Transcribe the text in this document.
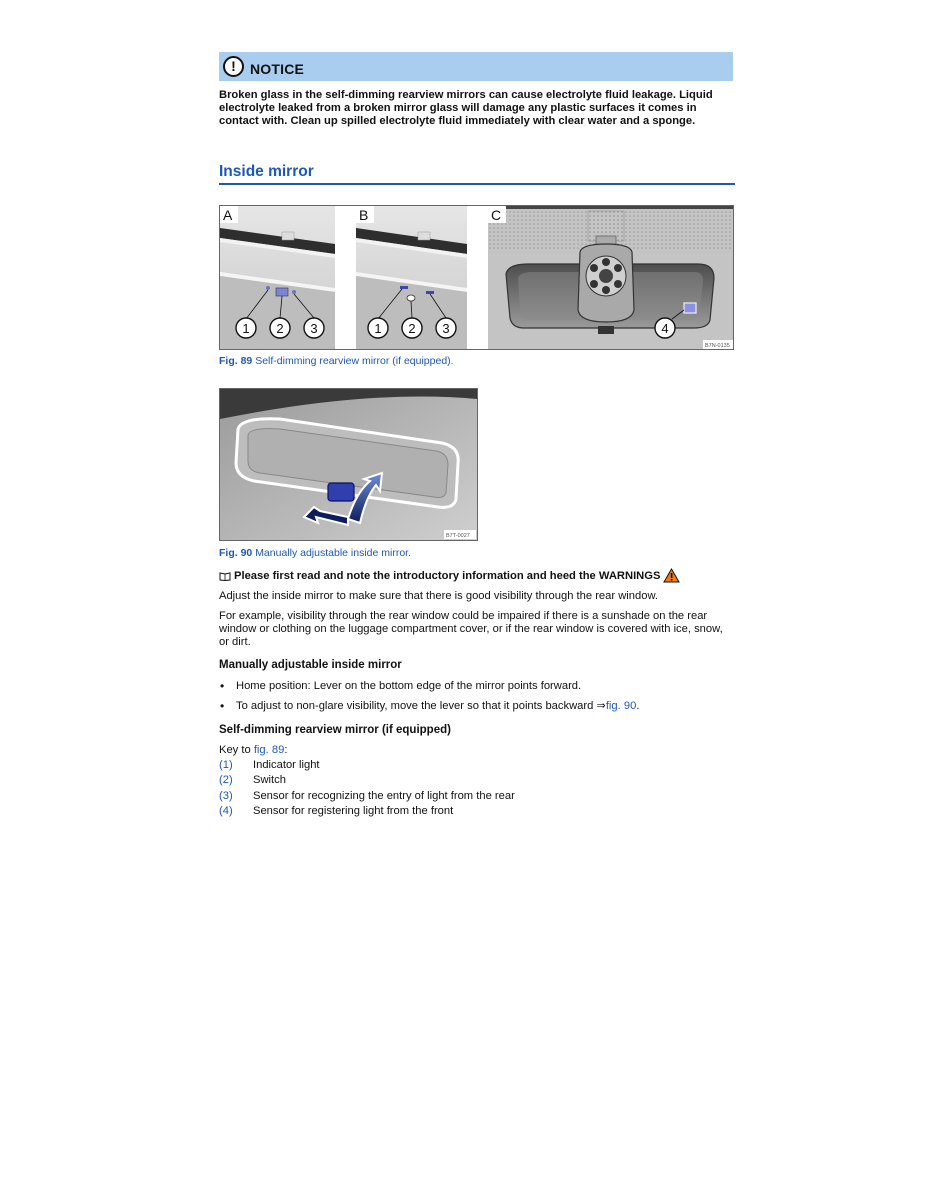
!	NOTICE
Broken glass in the self-dimming rearview mirrors can cause electrolyte fluid leakage. Liquid electrolyte leaked from a broken mirror glass will damage any plastic surfaces it comes in contact with. Clean up spilled electrolyte fluid immediately with clear water and a sponge.
Inside mirror
A
1 2 3
B
1 2 3
C
4
B7N-0135
Fig. 89 Self-dimming rearview mirror (if equipped).
B7T-0027
Fig. 90 Manually adjustable inside mirror.
Please first read and note the introductory information and heed the WARNINGS
Adjust the inside mirror to make sure that there is good visibility through the rear window.
For example, visibility through the rear window could be impaired if there is a sunshade on the rear window or clothing on the luggage compartment cover, or if the rear window is covered with ice, snow, or dirt.
Manually adjustable inside mirror
• Home position: Lever on the bottom edge of the mirror points forward.
• To adjust to non-glare visibility, move the lever so that it points backward ⇒fig. 90.
Self-dimming rearview mirror (if equipped)
Key to fig. 89:
(1) Indicator light
(2) Switch
(3) Sensor for recognizing the entry of light from the rear
(4) Sensor for registering light from the front
